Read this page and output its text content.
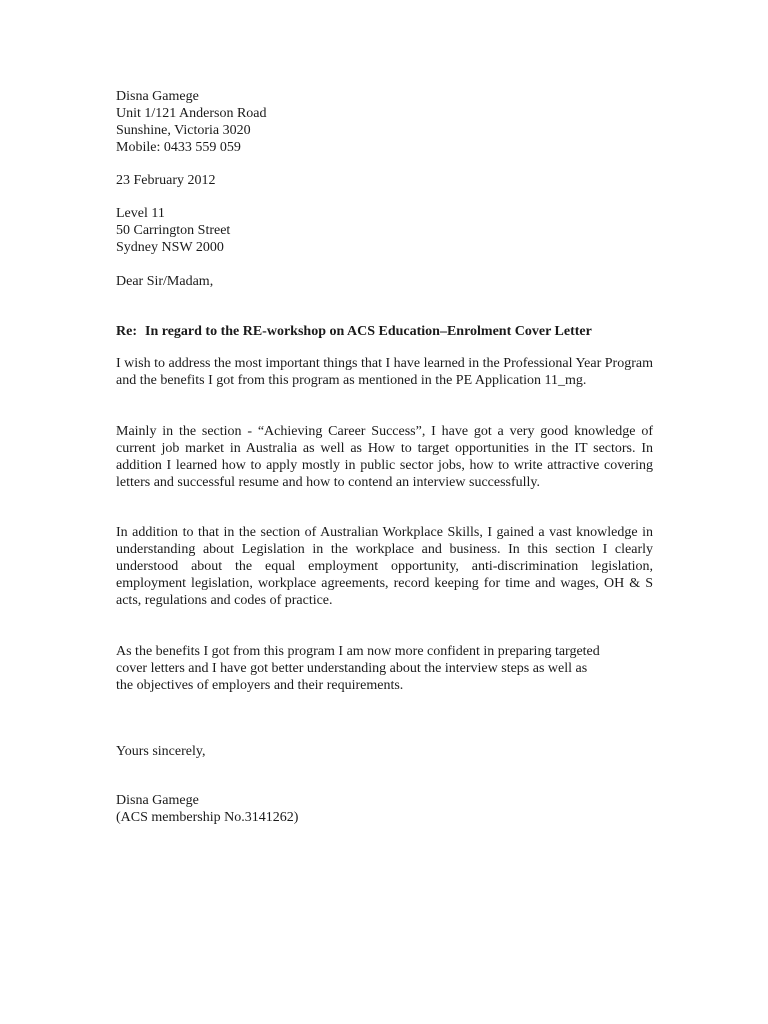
Disna Gamege
Unit 1/121 Anderson Road
Sunshine, Victoria 3020
Mobile: 0433 559 059
23 February 2012
Level 11
50 Carrington Street
Sydney NSW 2000
Dear Sir/Madam,
Re: In regard to the RE-workshop on ACS Education–Enrolment Cover Letter
I wish to address the most important things that I have learned in the Professional Year Program and the benefits I got from this program as mentioned in the PE Application 11_mg.
Mainly in the section - “Achieving Career Success”, I have got a very good knowledge of current job market in Australia as well as How to target opportunities in the IT sectors. In addition I learned how to apply mostly in public sector jobs, how to write attractive covering letters and successful resume and how to contend an interview successfully.
In addition to that in the section of Australian Workplace Skills, I gained a vast knowledge in understanding about Legislation in the workplace and business. In this section I clearly understood about the equal employment opportunity, anti-discrimination legislation, employment legislation, workplace agreements, record keeping for time and wages, OH & S acts, regulations and codes of practice.
As the benefits I got from this program I am now more confident in preparing targeted
cover letters and I have got better understanding about the interview steps as well as
the objectives of employers and their requirements.
Yours sincerely,
Disna Gamege
(ACS membership No.3141262)
